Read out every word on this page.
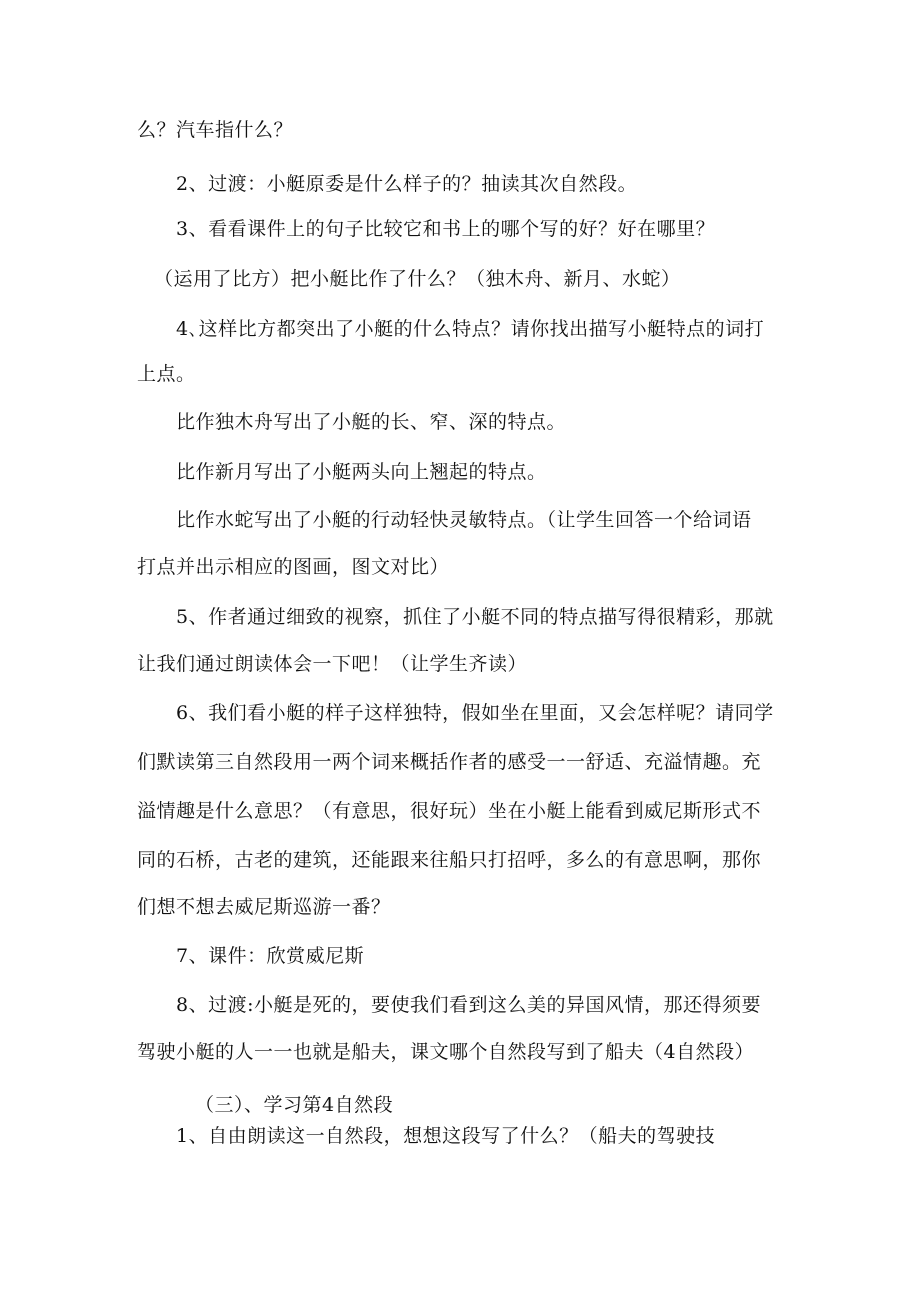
么？汽车指什么？
2、过渡：小艇原委是什么样子的？抽读其次自然段。
3、看看课件上的句子比较它和书上的哪个写的好？好在哪里？
（运用了比方）把小艇比作了什么？（独木舟、新月、水蛇）
4､这样比方都突出了小艇的什么特点？请你找出描写小艇特点的词打
上点。
比作独木舟写出了小艇的长、窄、深的特点。
比作新月写出了小艇两头向上翘起的特点。
比作水蛇写出了小艇的行动轻快灵敏特点。（让学生回答一个给词语
打点并出示相应的图画，图文对比）
5、作者通过细致的视察，抓住了小艇不同的特点描写得很精彩，那就
让我们通过朗读体会一下吧！（让学生齐读）
6、我们看小艇的样子这样独特，假如坐在里面，又会怎样呢？请同学
们默读第三自然段用一两个词来概括作者的感受一一舒适、充溢情趣。充
溢情趣是什么意思？（有意思，很好玩）坐在小艇上能看到威尼斯形式不
同的石桥，古老的建筑，还能跟来往船只打招呼，多么的有意思啊，那你
们想不想去威尼斯巡游一番？
7、课件：欣赏威尼斯
8、过渡:小艇是死的，要使我们看到这么美的异国风情，那还得须要
驾驶小艇的人一一也就是船夫，课文哪个自然段写到了船夫（4自然段）
（三）、学习第4自然段
1、自由朗读这一自然段，想想这段写了什么？（船夫的驾驶技
